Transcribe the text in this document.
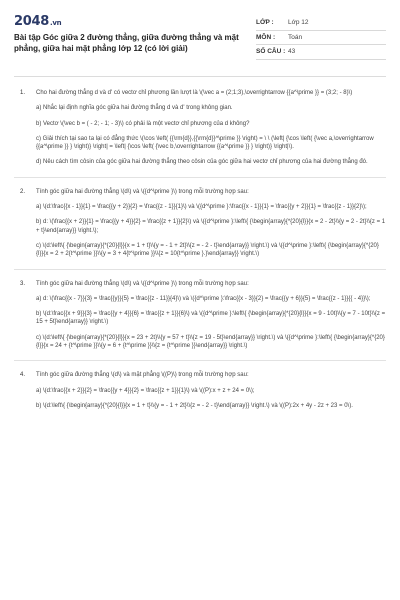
2048.vn
Bài tập Góc giữa 2 đường thẳng, giữa đường thẳng và mặt phẳng, giữa hai mặt phẳng lớp 12 (có lời giải)
LỚP :	Lớp 12
MÔN :	Toán
SỐ CÂU : 43
1. Cho hai đường thẳng d và d' có vectơ chỉ phương lần lượt là \(\vec a = (2;1;3),\overrightarrow {{a^\prime }} = (3;2; - 8)\)

a) Nhắc lại định nghĩa góc giữa hai đường thẳng d và d' trong không gian.

b) Vectơ \(\vec b = ( - 2; - 1; - 3)\) có phải là một vectơ chỉ phương của d không?

c) Giải thích tại sao ta lại có đẳng thức \(\cos \left( {{\rm{d}},{{\rm{d}}^\prime }} \right) = \ \ (\left| {\cos \left( {\vec a,\overrightarrow {{a^\prime }} } \right)} \right| = \left| {\cos \left( {\vec b,\overrightarrow {{a^\prime }} } \right)} \right|\).

d) Nêu cách tìm côsin của góc giữa hai đường thẳng theo côsin của góc giữa hai vectơ chỉ phương của hai đường thẳng đó.

2. Tính góc giữa hai đường thẳng \(d\) và \({d^\prime }\) trong mỗi trường hợp sau:

a) \(d:\frac{{x - 1}}{1} = \frac{{y + 2}}{2} = \frac{{z - 1}}{1}\) và \({d^\prime }:\frac{{x - 1}}{1} = \frac{{y + 2}}{1} = \frac{{z - 1}}{2}\);

b) d: \(\frac{{x + 2}}{1} = \frac{{y + 4}}{2} = \frac{{z + 1}}{2}\) và \({d^\prime }:\left\{ {\begin{array}{*{20}{l}}{x = 2 - 2t}\\{y = 2 - 2t}\\{z = 1 + t}\end{array}} \right.\);

c) \(d:\left\{ {\begin{array}{*{20}{l}}{x = 1 + t}\\{y = - 1 + 2t}\\{z = - 2 - t}\end{array}} \right.\) và \({d^\prime }:\left\{ {\begin{array}{*{20}{l}}{x = 2 + 2{t^\prime }}\\{y = 3 + 4{t^\prime }}\\{z = 10{t^\prime }.}\end{array}} \right.\)

3. Tính góc giữa hai đường thẳng \(d\) và \({d^\prime }\) trong mỗi trường hợp sau:

a) d: \(\frac{{x - 7}}{3} = \frac{{y}}{5} = \frac{{z - 11}}{4}\) và \({d^\prime }:\frac{{x - 3}}{2} = \frac{{y + 6}}{5} = \frac{{z - 1}}{{ - 4}}\);

b) \(d:\frac{{x + 9}}{3} = \frac{{y + 4}}{6} = \frac{{z + 1}}{6}\) và \({d^\prime }:\left\{ {\begin{array}{*{20}{l}}{x = 9 - 10t}\\{y = 7 - 10t}\\{z = 15 + 5t}\end{array}} \right.\)

c) \(d:\left\{ {\begin{array}{*{20}{l}}{x = 23 + 2t}\\{y = 57 + t}\\{z = 19 - 5t}\end{array}} \right.\) và \({d^\prime }:\left\{ {\begin{array}{*{20}{l}}{x = 24 + {t^\prime }}\\{y = 6 + {t^\prime }}\\{z = {t^\prime }}\end{array}} \right.\)

4. Tính góc giữa đường thẳng \(d\) và mặt phẳng \((P)\) trong mỗi trường hợp sau:

a) \(d:\frac{{x + 2}}{2} = \frac{{y + 4}}{2} = \frac{{z + 1}}{1}\) và \((P):x + z + 24 = 0\);

b) \(d:\left\{ {\begin{array}{*{20}{l}}{x = 1 + t}\\{y = - 1 + 2t}\\{z = - 2 - t}\end{array}} \right.\) và \((P):2x + 4y - 2z + 23 = 0\).
